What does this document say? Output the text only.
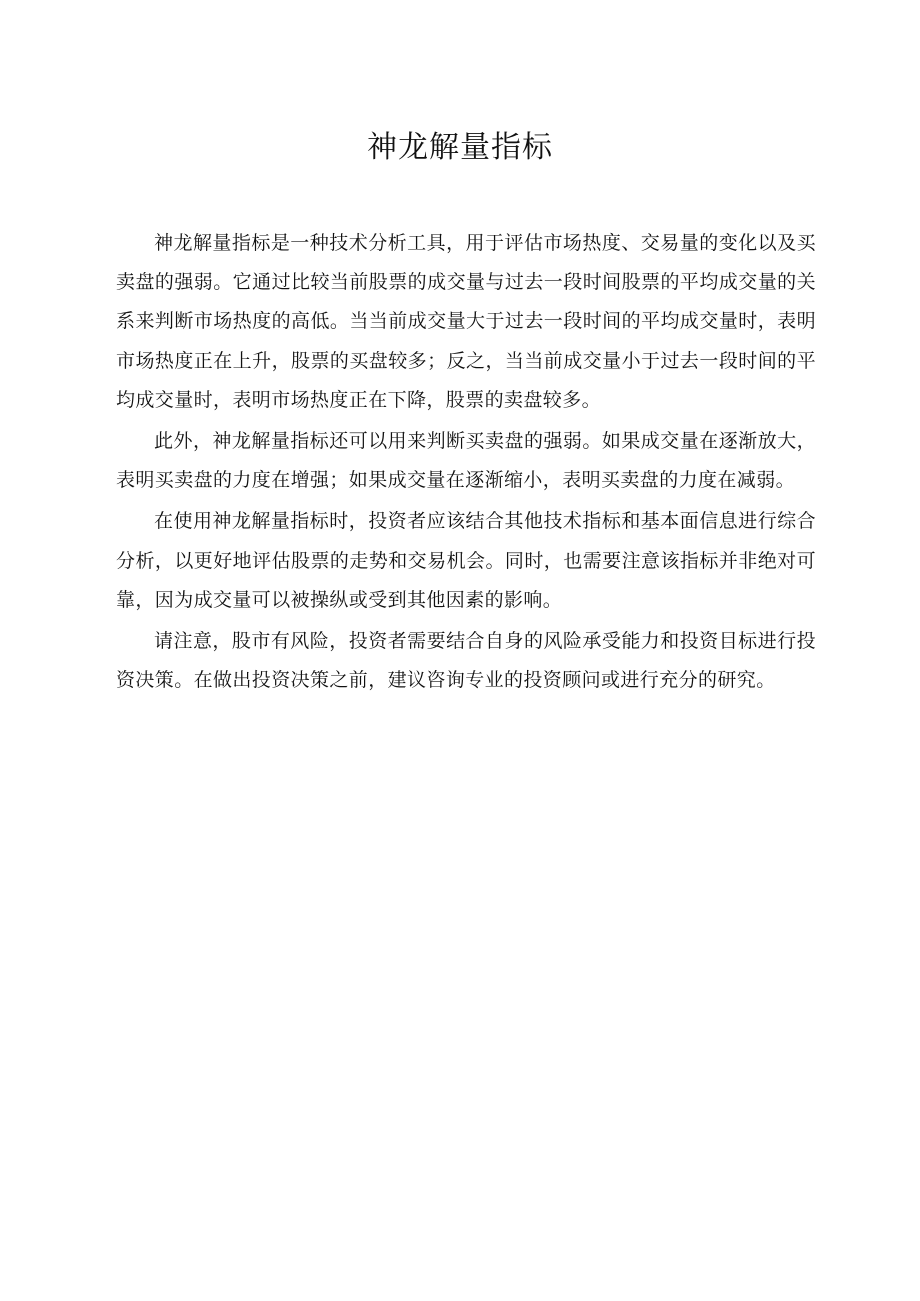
神龙解量指标

神龙解量指标是一种技术分析工具，用于评估市场热度、交易量的变化以及买卖盘的强弱。它通过比较当前股票的成交量与过去一段时间股票的平均成交量的关系来判断市场热度的高低。当当前成交量大于过去一段时间的平均成交量时，表明市场热度正在上升，股票的买盘较多；反之，当当前成交量小于过去一段时间的平均成交量时，表明市场热度正在下降，股票的卖盘较多。

此外，神龙解量指标还可以用来判断买卖盘的强弱。如果成交量在逐渐放大，表明买卖盘的力度在增强；如果成交量在逐渐缩小，表明买卖盘的力度在减弱。

在使用神龙解量指标时，投资者应该结合其他技术指标和基本面信息进行综合分析，以更好地评估股票的走势和交易机会。同时，也需要注意该指标并非绝对可靠，因为成交量可以被操纵或受到其他因素的影响。

请注意，股市有风险，投资者需要结合自身的风险承受能力和投资目标进行投资决策。在做出投资决策之前，建议咨询专业的投资顾问或进行充分的研究。
